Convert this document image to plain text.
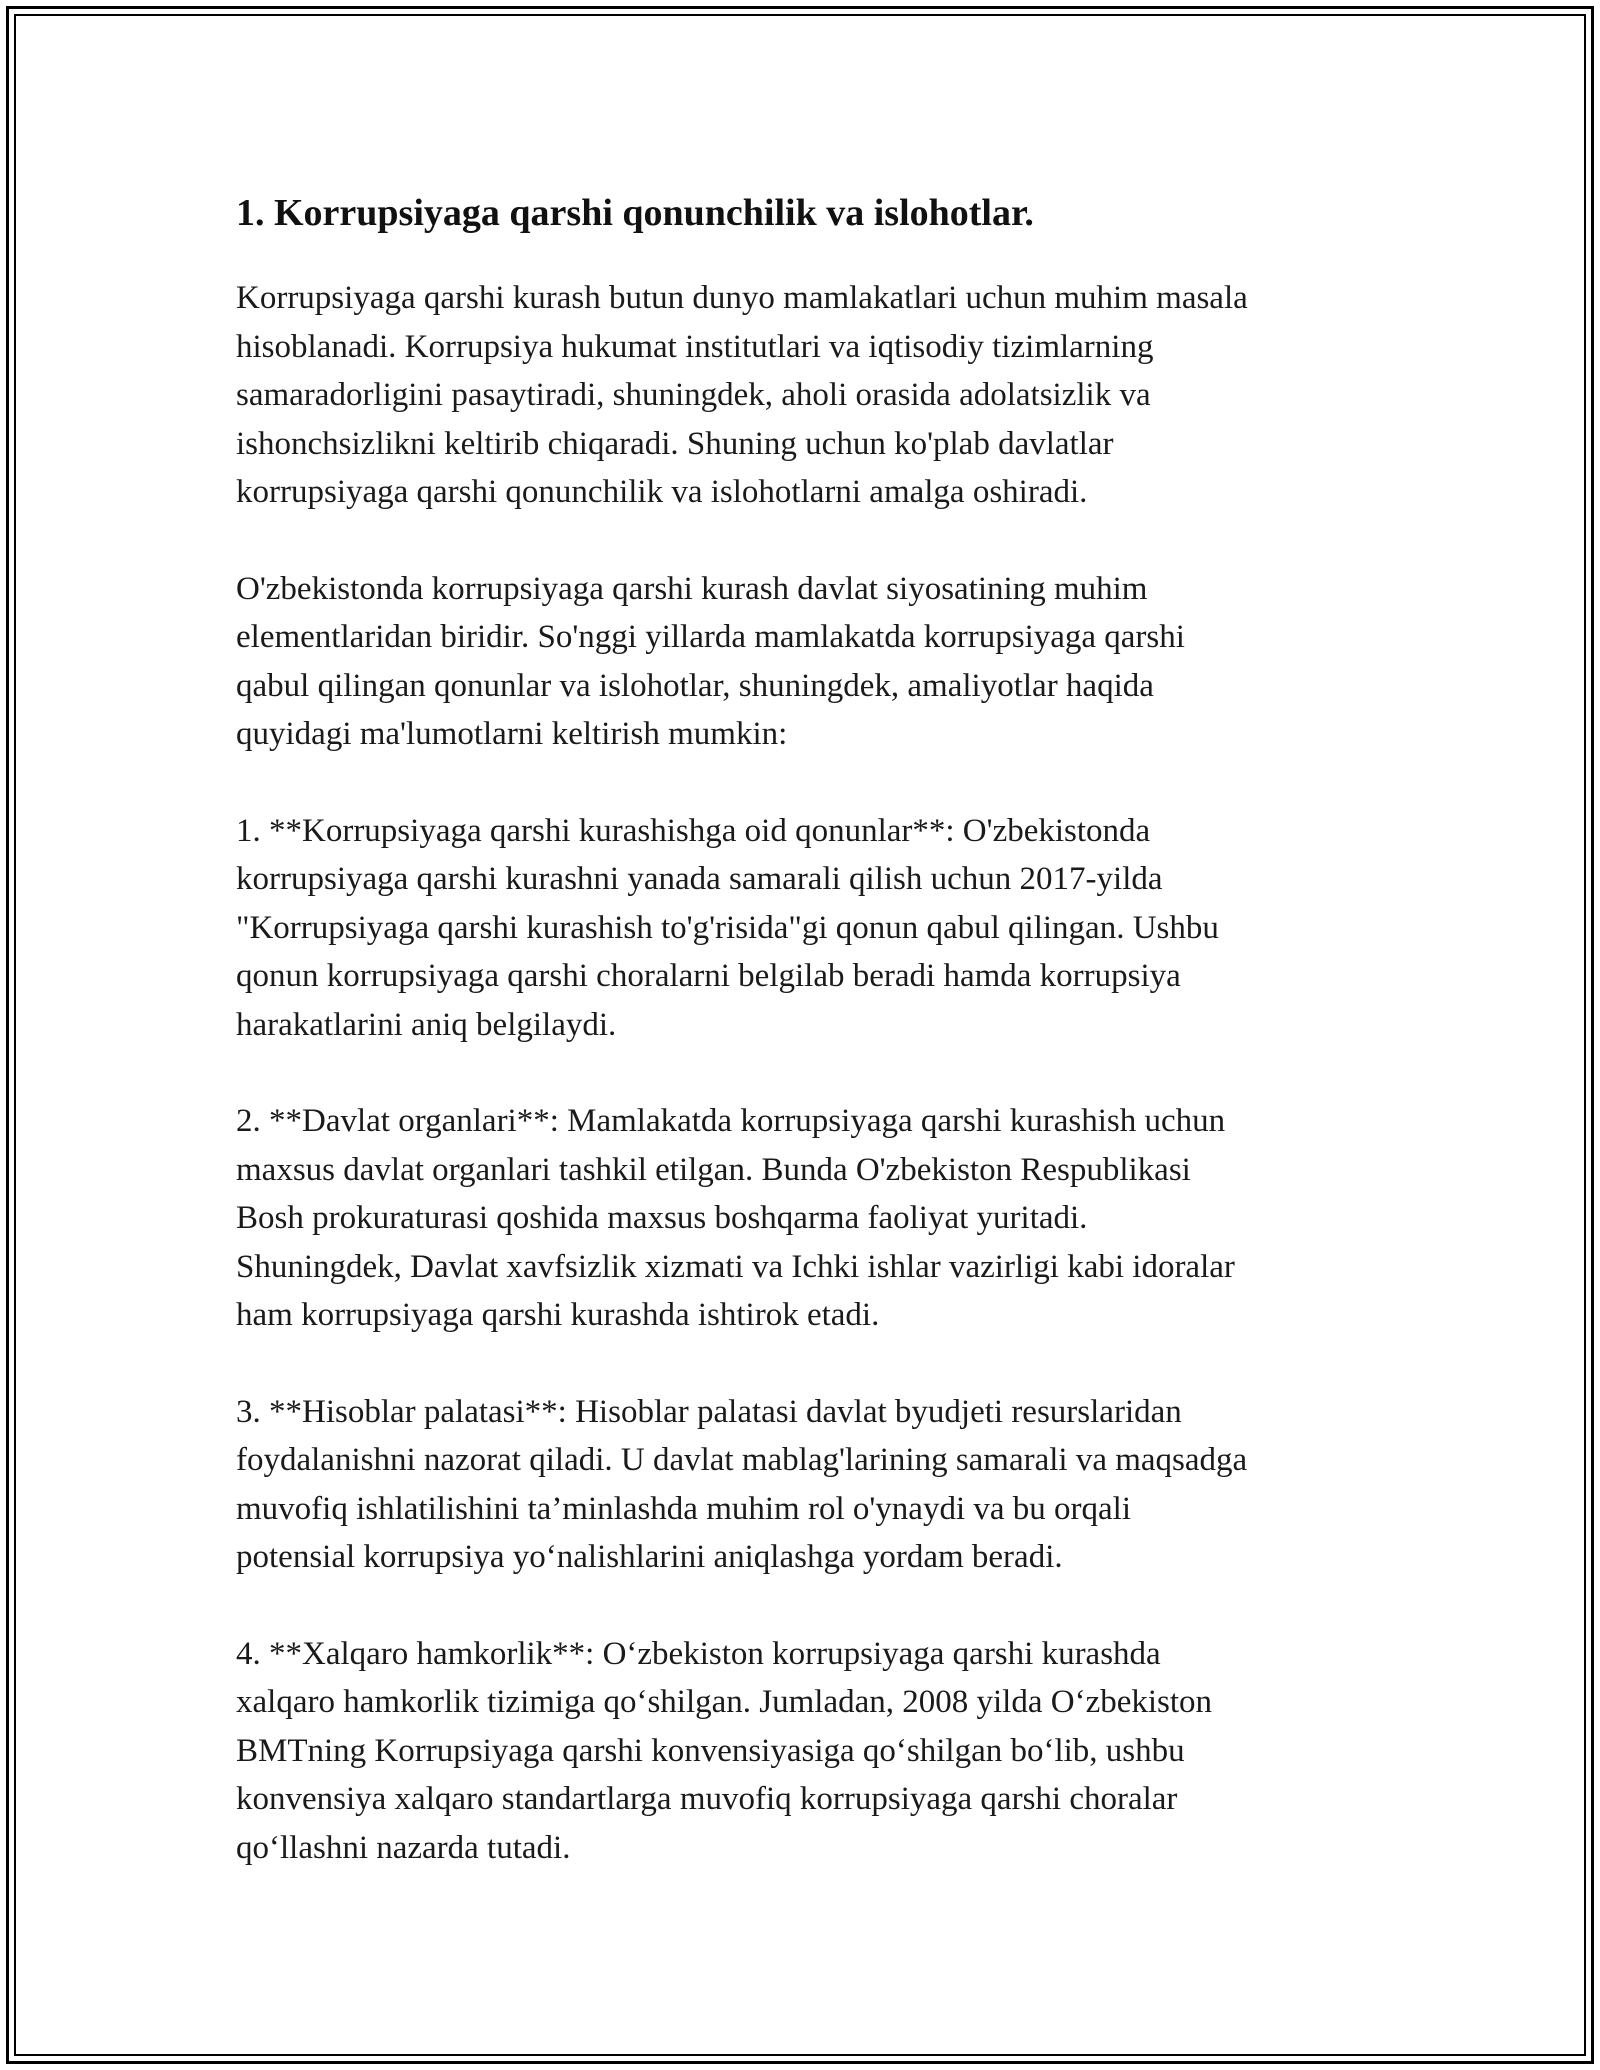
1. Korrupsiyaga qarshi qonunchilik va islohotlar.

Korrupsiyaga qarshi kurash butun dunyo mamlakatlari uchun muhim masala
hisoblanadi. Korrupsiya hukumat institutlari va iqtisodiy tizimlarning
samaradorligini pasaytiradi, shuningdek, aholi orasida adolatsizlik va
ishonchsizlikni keltirib chiqaradi. Shuning uchun ko'plab davlatlar
korrupsiyaga qarshi qonunchilik va islohotlarni amalga oshiradi.

O'zbekistonda korrupsiyaga qarshi kurash davlat siyosatining muhim
elementlaridan biridir. So'nggi yillarda mamlakatda korrupsiyaga qarshi
qabul qilingan qonunlar va islohotlar, shuningdek, amaliyotlar haqida
quyidagi ma'lumotlarni keltirish mumkin:

1. **Korrupsiyaga qarshi kurashishga oid qonunlar**: O'zbekistonda
korrupsiyaga qarshi kurashni yanada samarali qilish uchun 2017-yilda
"Korrupsiyaga qarshi kurashish to'g'risida"gi qonun qabul qilingan. Ushbu
qonun korrupsiyaga qarshi choralarni belgilab beradi hamda korrupsiya
harakatlarini aniq belgilaydi.

2. **Davlat organlari**: Mamlakatda korrupsiyaga qarshi kurashish uchun
maxsus davlat organlari tashkil etilgan. Bunda O'zbekiston Respublikasi
Bosh prokuraturasi qoshida maxsus boshqarma faoliyat yuritadi.
Shuningdek, Davlat xavfsizlik xizmati va Ichki ishlar vazirligi kabi idoralar
ham korrupsiyaga qarshi kurashda ishtirok etadi.

3. **Hisoblar palatasi**: Hisoblar palatasi davlat byudjeti resurslaridan
foydalanishni nazorat qiladi. U davlat mablag'larining samarali va maqsadga
muvofiq ishlatilishini ta’minlashda muhim rol o'ynaydi va bu orqali
potensial korrupsiya yo‘nalishlarini aniqlashga yordam beradi.

4. **Xalqaro hamkorlik**: O‘zbekiston korrupsiyaga qarshi kurashda
xalqaro hamkorlik tizimiga qo‘shilgan. Jumladan, 2008 yilda O‘zbekiston
BMTning Korrupsiyaga qarshi konvensiyasiga qo‘shilgan bo‘lib, ushbu
konvensiya xalqaro standartlarga muvofiq korrupsiyaga qarshi choralar
qo‘llashni nazarda tutadi.
